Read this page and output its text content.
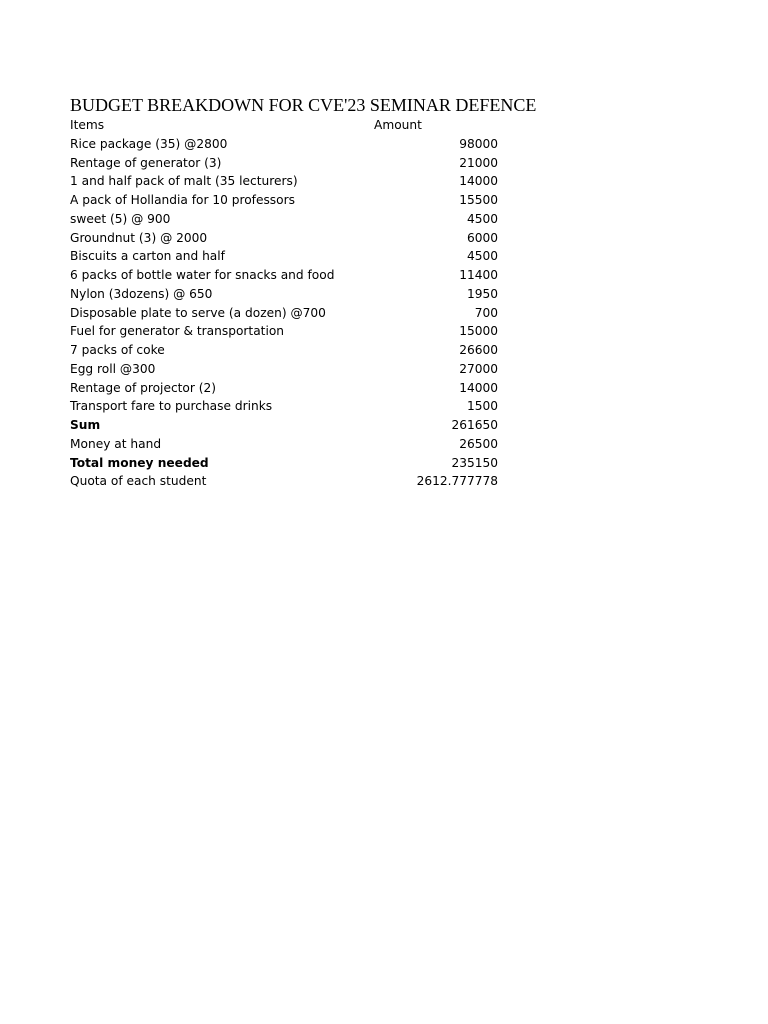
BUDGET BREAKDOWN FOR CVE'23 SEMINAR DEFENCE
Items	Amount
Rice package (35) @2800	98000
Rentage of generator (3)	21000
1 and half pack of malt (35 lecturers)	14000
A pack of Hollandia for 10 professors	15500
sweet (5) @ 900	4500
Groundnut (3) @ 2000	6000
Biscuits a carton and half	4500
6 packs of bottle water for snacks and food	11400
Nylon (3dozens) @ 650	1950
Disposable plate to serve (a dozen) @700	700
Fuel for generator & transportation	15000
7 packs of coke	26600
Egg roll @300	27000
Rentage of projector (2)	14000
Transport fare to purchase drinks	1500
Sum	261650
Money at hand	26500
Total money needed	235150
Quota of each student	2612.777778
